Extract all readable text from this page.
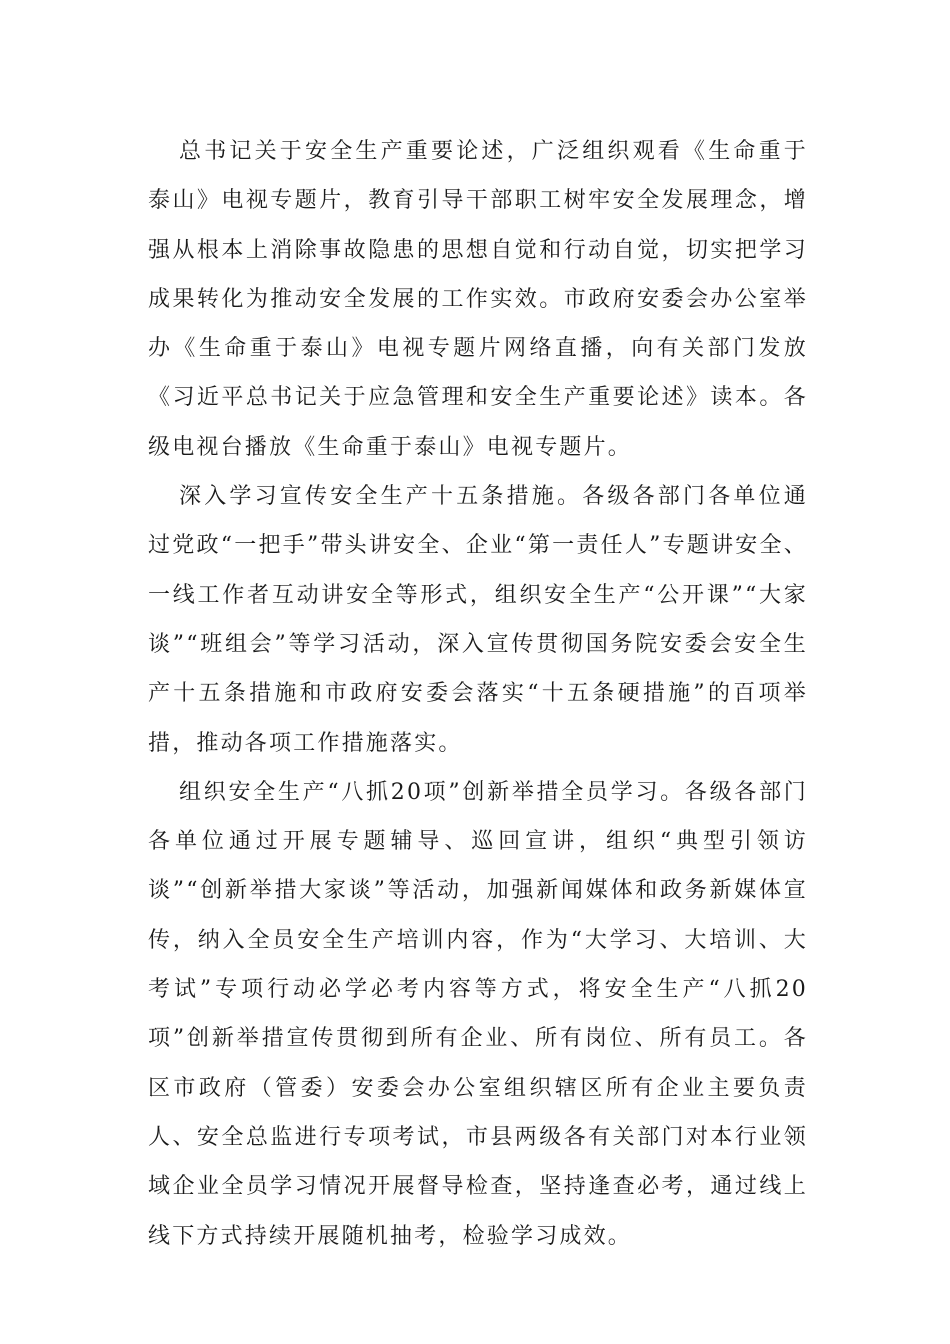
总书记关于安全生产重要论述，广泛组织观看《生命重于泰山》电视专题片，教育引导干部职工树牢安全发展理念，增强从根本上消除事故隐患的思想自觉和行动自觉，切实把学习成果转化为推动安全发展的工作实效。市政府安委会办公室举办《生命重于泰山》电视专题片网络直播，向有关部门发放《习近平总书记关于应急管理和安全生产重要论述》读本。各级电视台播放《生命重于泰山》电视专题片。

深入学习宣传安全生产十五条措施。各级各部门各单位通过党政“一把手”带头讲安全、企业“第一责任人”专题讲安全、一线工作者互动讲安全等形式，组织安全生产“公开课”“大家谈”“班组会”等学习活动，深入宣传贯彻国务院安委会安全生产十五条措施和市政府安委会落实“十五条硬措施”的百项举措，推动各项工作措施落实。

组织安全生产“八抓20项”创新举措全员学习。各级各部门各单位通过开展专题辅导、巡回宣讲，组织“典型引领访谈”“创新举措大家谈”等活动，加强新闻媒体和政务新媒体宣传，纳入全员安全生产培训内容，作为“大学习、大培训、大考试”专项行动必学必考内容等方式，将安全生产“八抓20项”创新举措宣传贯彻到所有企业、所有岗位、所有员工。各区市政府（管委）安委会办公室组织辖区所有企业主要负责人、安全总监进行专项考试，市县两级各有关部门对本行业领域企业全员学习情况开展督导检查，坚持逢查必考，通过线上线下方式持续开展随机抽考，检验学习成效。
